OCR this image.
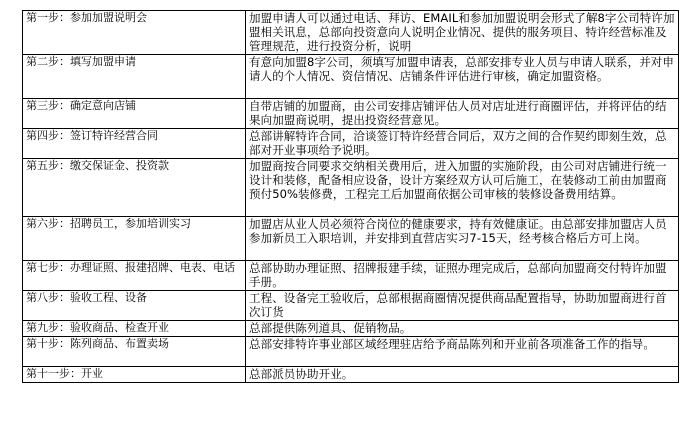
第一步：参加加盟说明会	加盟申请人可以通过电话、拜访、EMAIL和参加加盟说明会形式了解8字公司特许加盟相关讯息，总部向投资意向人说明企业情况、提供的服务项目、特许经营标准及管理规范，进行投资分析，说明
第二步：填写加盟申请	有意向加盟8字公司，须填写加盟申请表，总部安排专业人员与申请人联系，并对申请人的个人情况、资信情况、店铺条件评估进行审核，确定加盟资格。
第三步：确定意向店铺	自带店铺的加盟商，由公司安排店铺评估人员对店址进行商圈评估，并将评估的结果向加盟商说明，提出投资经营意见。
第四步：签订特许经营合同	总部讲解特许合同，洽谈签订特许经营合同后，双方之间的合作契约即刻生效，总部对开业事项给予说明。
第五步：缴交保证金、投资款	加盟商按合同要求交纳相关费用后，进入加盟的实施阶段，由公司对店铺进行统一设计和装修，配备相应设备，设计方案经双方认可后施工，在装修动工前由加盟商预付50%装修费，工程完工后加盟商依据公司审核的装修设备费用结算。
第六步：招聘员工，参加培训实习	加盟店从业人员必须符合岗位的健康要求，持有效健康证。由总部安排加盟店人员参加新员工入职培训，并安排到直营店实习7-15天，经考核合格后方可上岗。
第七步：办理证照、报建招牌、电表、电话	总部协助办理证照、招牌报建手续，证照办理完成后，总部向加盟商交付特许加盟手册。
第八步：验收工程、设备	工程、设备完工验收后，总部根据商圈情况提供商品配置指导，协助加盟商进行首次订货
第九步：验收商品、检查开业	总部提供陈列道具、促销物品。
第十步：陈列商品、布置卖场	总部安排特许事业部区域经理驻店给予商品陈列和开业前各项准备工作的指导。
第十一步：开业	总部派员协助开业。
